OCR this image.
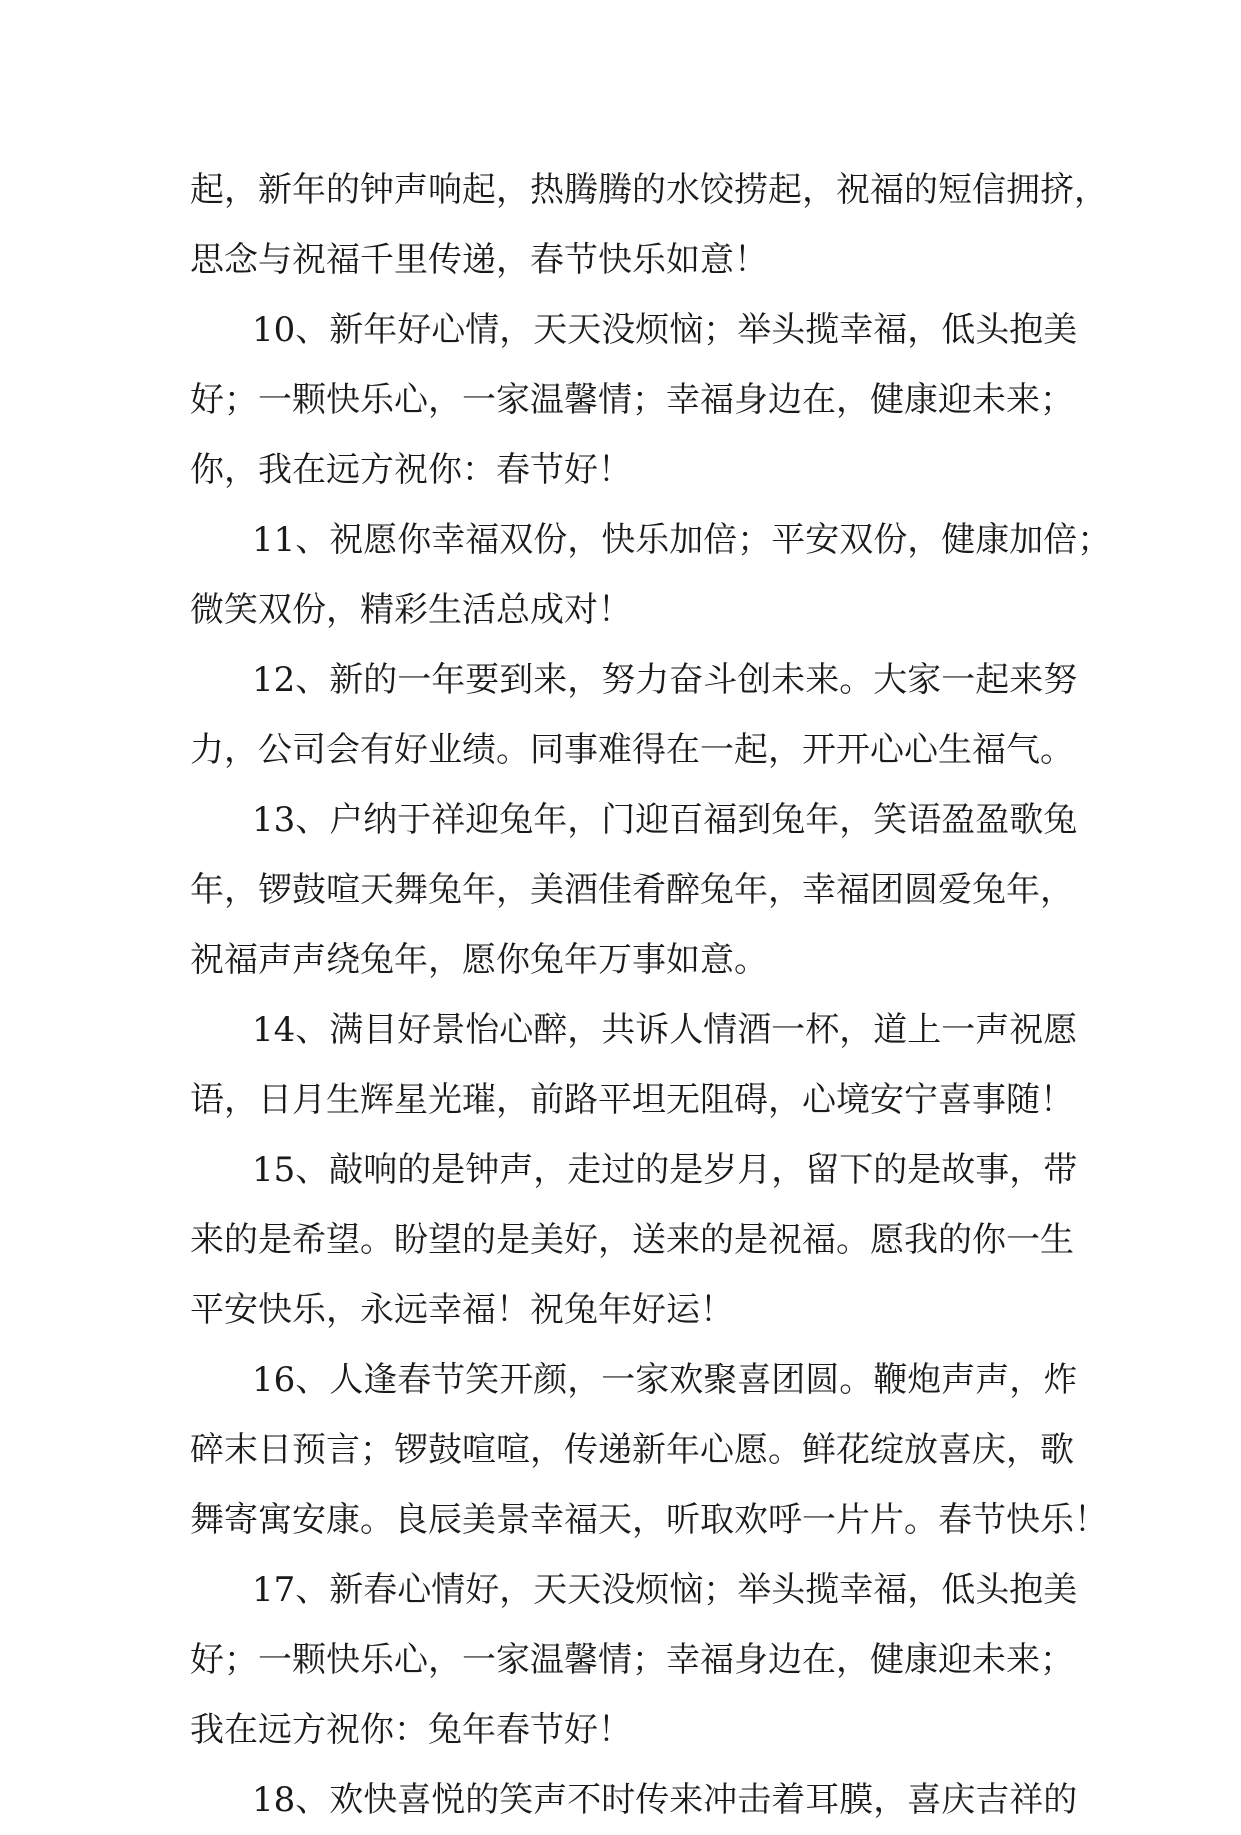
起，新年的钟声响起，热腾腾的水饺捞起，祝福的短信拥挤，
思念与祝福千里传递，春节快乐如意！
10、新年好心情，天天没烦恼；举头揽幸福，低头抱美
好；一颗快乐心，一家温馨情；幸福身边在，健康迎未来；
你，我在远方祝你：春节好！
11、祝愿你幸福双份，快乐加倍；平安双份，健康加倍；
微笑双份，精彩生活总成对！
12、新的一年要到来，努力奋斗创未来。大家一起来努
力，公司会有好业绩。同事难得在一起，开开心心生福气。
13、户纳于祥迎兔年，门迎百福到兔年，笑语盈盈歌兔
年，锣鼓喧天舞兔年，美酒佳肴醉兔年，幸福团圆爱兔年，
祝福声声绕兔年，愿你兔年万事如意。
14、满目好景怡心醉，共诉人情酒一杯，道上一声祝愿
语，日月生辉星光璀，前路平坦无阻碍，心境安宁喜事随！
15、敲响的是钟声，走过的是岁月，留下的是故事，带
来的是希望。盼望的是美好，送来的是祝福。愿我的你一生
平安快乐，永远幸福！祝兔年好运！
16、人逢春节笑开颜，一家欢聚喜团圆。鞭炮声声，炸
碎末日预言；锣鼓喧喧，传递新年心愿。鲜花绽放喜庆，歌
舞寄寓安康。良辰美景幸福天，听取欢呼一片片。春节快乐！
17、新春心情好，天天没烦恼；举头揽幸福，低头抱美
好；一颗快乐心，一家温馨情；幸福身边在，健康迎未来；
我在远方祝你：兔年春节好！
18、欢快喜悦的笑声不时传来冲击着耳膜，喜庆吉祥的
